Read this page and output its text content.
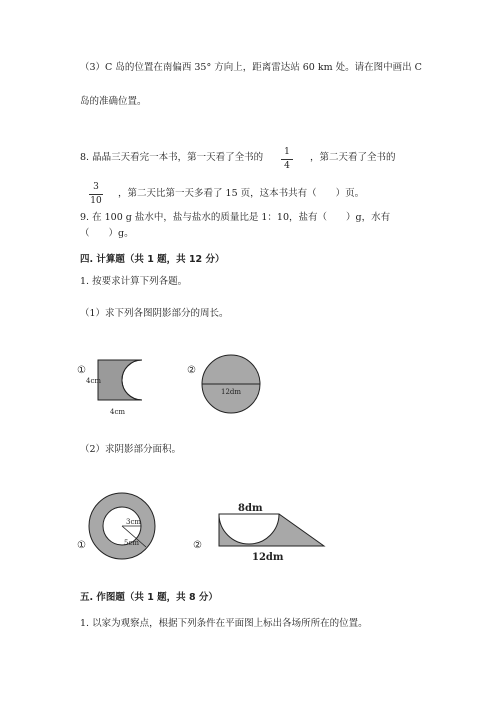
（3）C 岛的位置在南偏西 35° 方向上，距离雷达站 60 km 处。请在图中画出 C
岛的准确位置。
8. 晶晶三天看完一本书，第一天看了全书的	1
4
，第二天看了全书的
3
10
，第二天比第一天多看了 15 页，这本书共有（　　）页。
9. 在 100 g 盐水中，盐与盐水的质量比是 1：10，盐有（　　）g，水有
（　　）g。
四. 计算题（共 1 题，共 12 分）
1. 按要求计算下列各题。
（1）求下列各图阴影部分的周长。
①
4cm
4cm
②
12dm
（2）求阴影部分面积。
①
3cm
5cm	②
8dm
12dm
五. 作图题（共 1 题，共 8 分）
1. 以家为观察点，根据下列条件在平面图上标出各场所所在的位置。
